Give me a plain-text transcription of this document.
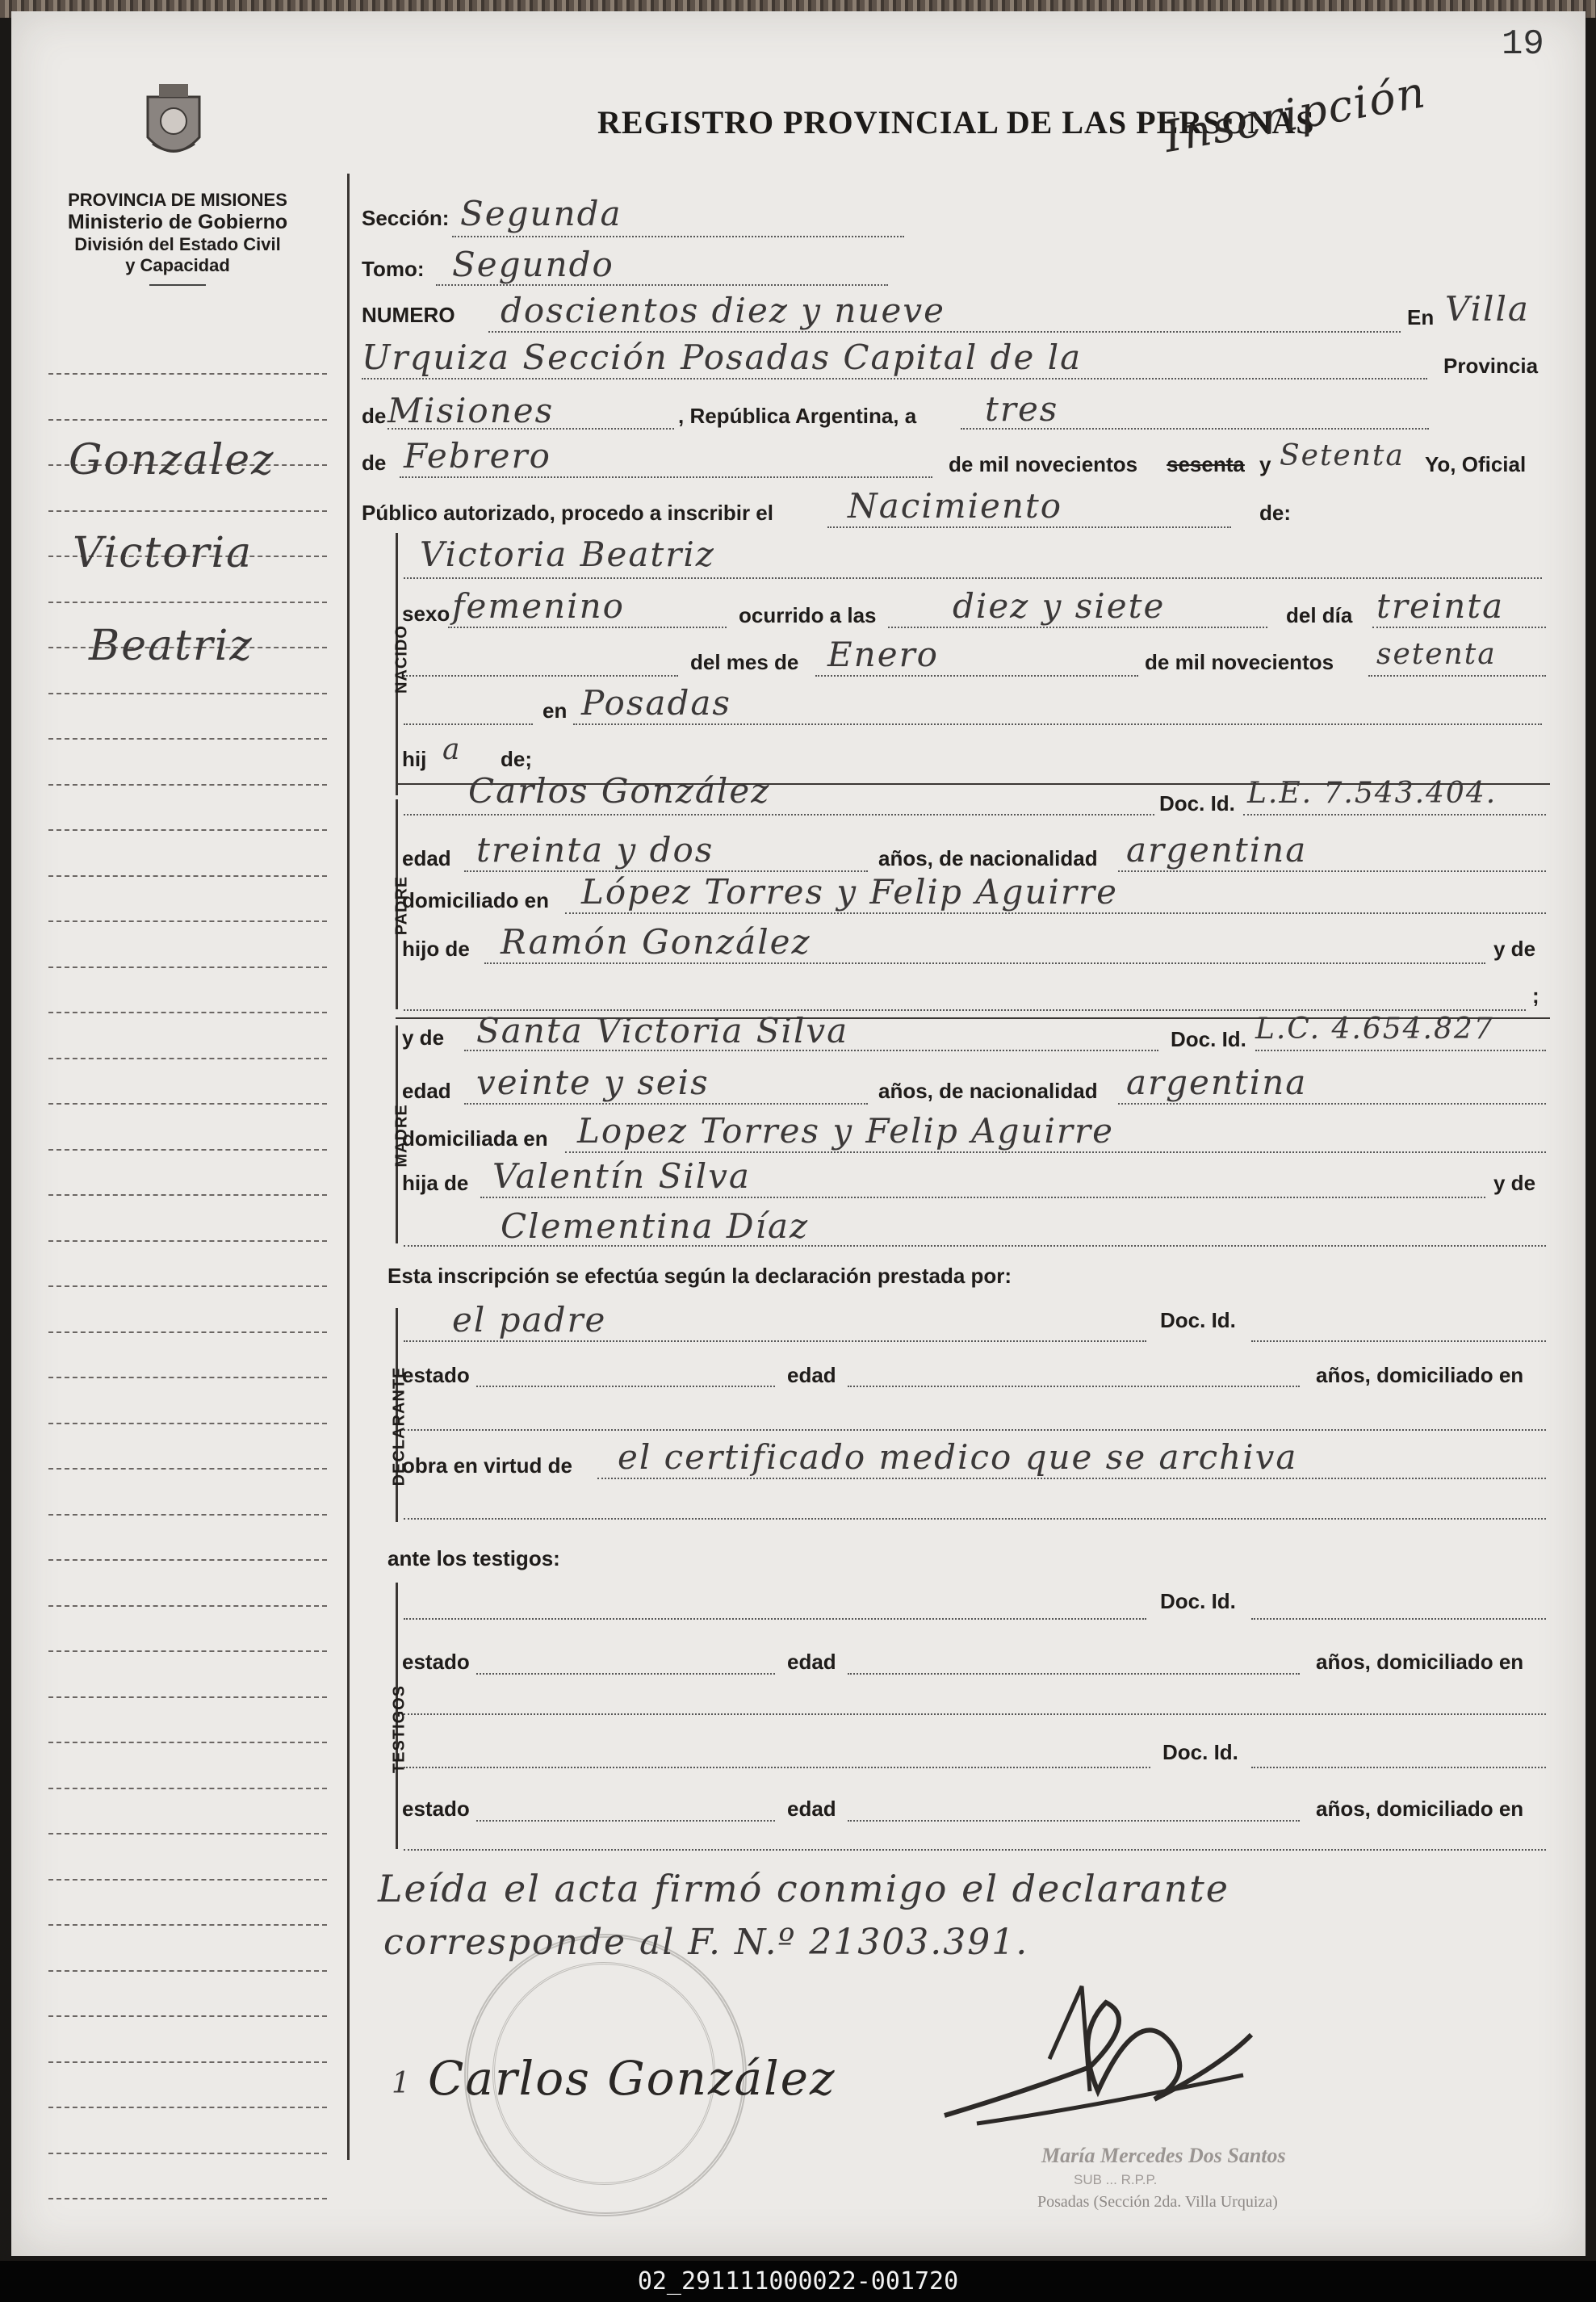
19
PROVINCIA DE MISIONES
Ministerio de Gobierno
División del Estado Civil
y Capacidad
REGISTRO PROVINCIAL DE LAS PERSONAS
Inscripción
Gonzalez
Victoria
Beatriz
Sección: Segunda
Tomo: Segundo
NUMERO doscientos diez y nueve	En Villa
Urquiza Sección Posadas Capital de la	Provincia
de Misiones	, República Argentina, a tres
de Febrero	de mil novecientos sesenta y Setenta Yo, Oficial
Público autorizado, procedo a inscribir el Nacimiento	de:
NACIDO
Victoria Beatriz
sexo femenino	ocurrido a las diez y siete	del día treinta
del mes de Enero	de mil novecientos setenta
en Posadas
hij a de;
PADRE
Carlos González	Doc. Id. L.E. 7.543.404.
edad treinta y dos	años, de nacionalidad argentina
domiciliado en López Torres y Felip Aguirre
hijo de Ramón González	y de
;
MADRE
y de Santa Victoria Silva	Doc. Id. L.C. 4.654.827
edad veinte y seis	años, de nacionalidad argentina
domiciliada en Lopez Torres y Felip Aguirre
hija de Valentín Silva	y de
Clementina Díaz
Esta inscripción se efectúa según la declaración prestada por:
DECLARANTE
el padre	Doc. Id.
estado	edad	años, domiciliado en
obra en virtud de el certificado medico que se archiva
ante los testigos:
TESTIGOS
Doc. Id.
estado	edad	años, domiciliado en
Doc. Id.
estado	edad	años, domiciliado en
Leída el acta firmó conmigo el declarante
corresponde al F. N.º 21303.391.
1 Carlos González
María Mercedes Dos Santos
SUB ... R.P.P.
Posadas (Sección 2da. Villa Urquiza)
02_291111000022-001720
